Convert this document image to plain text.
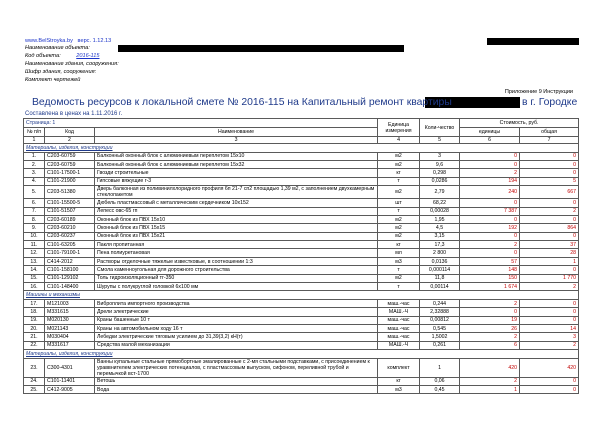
www.BelStroyka.by верс. 1.12.13
Наименование объекта:
Код объекта:	2016-115
Наименование здания, сооружения:
Шифр здания, сооружения:
Комплект чертежей
Приложение 9 Инструкции
Ведомость ресурсов к локальной смете № 2016-115 на Капитальный ремонт квартиры	в г. Городке
Составлена в ценах на 1.11.2016 г.
Страница: 1			Единица измерения	Коли-чество	Стоимость, руб.	
№ п/п	Код	Наименование			единицы	общая
1	2	3	4	5	6	7
Материалы, изделия, конструкции						
1.	С203-60759	Балконный оконный блок с алюминиевым переплетом 15х10	м2	3	0	0
2.	С203-60759	Балконный оконный блок с алюминиевым переплетом 15х32	м2	9,6	0	0
3.	С101-17500-1	Гвозди строительные	кг	0,298	2	0
4.	С101-21900	Гипсовые вяжущие г-3	т	0,0286	194	5
5.	С203-51380	Дверь балконная из поливинилхлоридного профиля 6п 21-7 сп2 площадью 1,39 м2, с заполнением двухкамерным стеклопакетом	м2	2,79	240	667
6.	С101-15500-5	Дюбель пластмассовый с металлическим сердечником 10х152	шт	68,22	0	0
7.	С101-51507	Лепесс овс-65 гп	т	0,00028	7 387	2
8.	С203-60189	Оконный блок из ПВХ 15х10	м2	1,95	0	0
9.	С203-60210	Оконный блок из ПВХ 15х15	м2	4,5	192	864
10.	С203-60237	Оконный блок из ПВХ 15х21	м2	3,15	0	0
11.	С101-63205	Пакля пропитанная	кг	17,3	2	37
12.	С101-79100-1	Пена полиуретановая	мл	2 800	0	28
13.	С414-2012	Растворы отделочные тяжелые известковые, в соотношении 1:3	м3	0,0136	57	1
14.	С101-158100	Смола каменноугольная для дорожного строительства	т	0,000114	148	0
15.	С101-129102	Толь гидроизоляционный тг-350	м2	11,8	150	1 770
16.	С101-148400	Шурупы с полукруглой головкой 6х100 мм	т	0,00114	1 674	2
Машины и механизмы						
17.	М121003	Виброплита импортного производства	маш.-час	0,244	2	0
18.	М331615	Дрели электрические	МАШ.-Ч	2,32888	0	0
19.	М020130	Краны башенные 10 т	маш.-час	0,00812	19	0
20.	М021143	Краны на автомобильном ходу 16 т	маш.-час	0,545	26	14
21.	М030404	Лебедки электрические тяговым усилием до 31,39(3,2) кН(т)	маш.-час	1,5002	2	3
22.	М331617	Средства малой механизации	МАШ.-Ч	0,261	6	2
Материалы, изделия, конструкции						
23.	С300-4301	Ванны купальные стальные прямобортные эмалированные с 2-мя стальными подставками, с присоединением к ураввнителем электрических потенциалов, с пластмассовым выпуском, сифоном, переливной трубой и перемычкой вст-1700	комплект	1	420	420
24.	С101-11401	Ветошь	кг	0,06	2	0
25.	С412-9005	Вода	м3	0,45	1	0
